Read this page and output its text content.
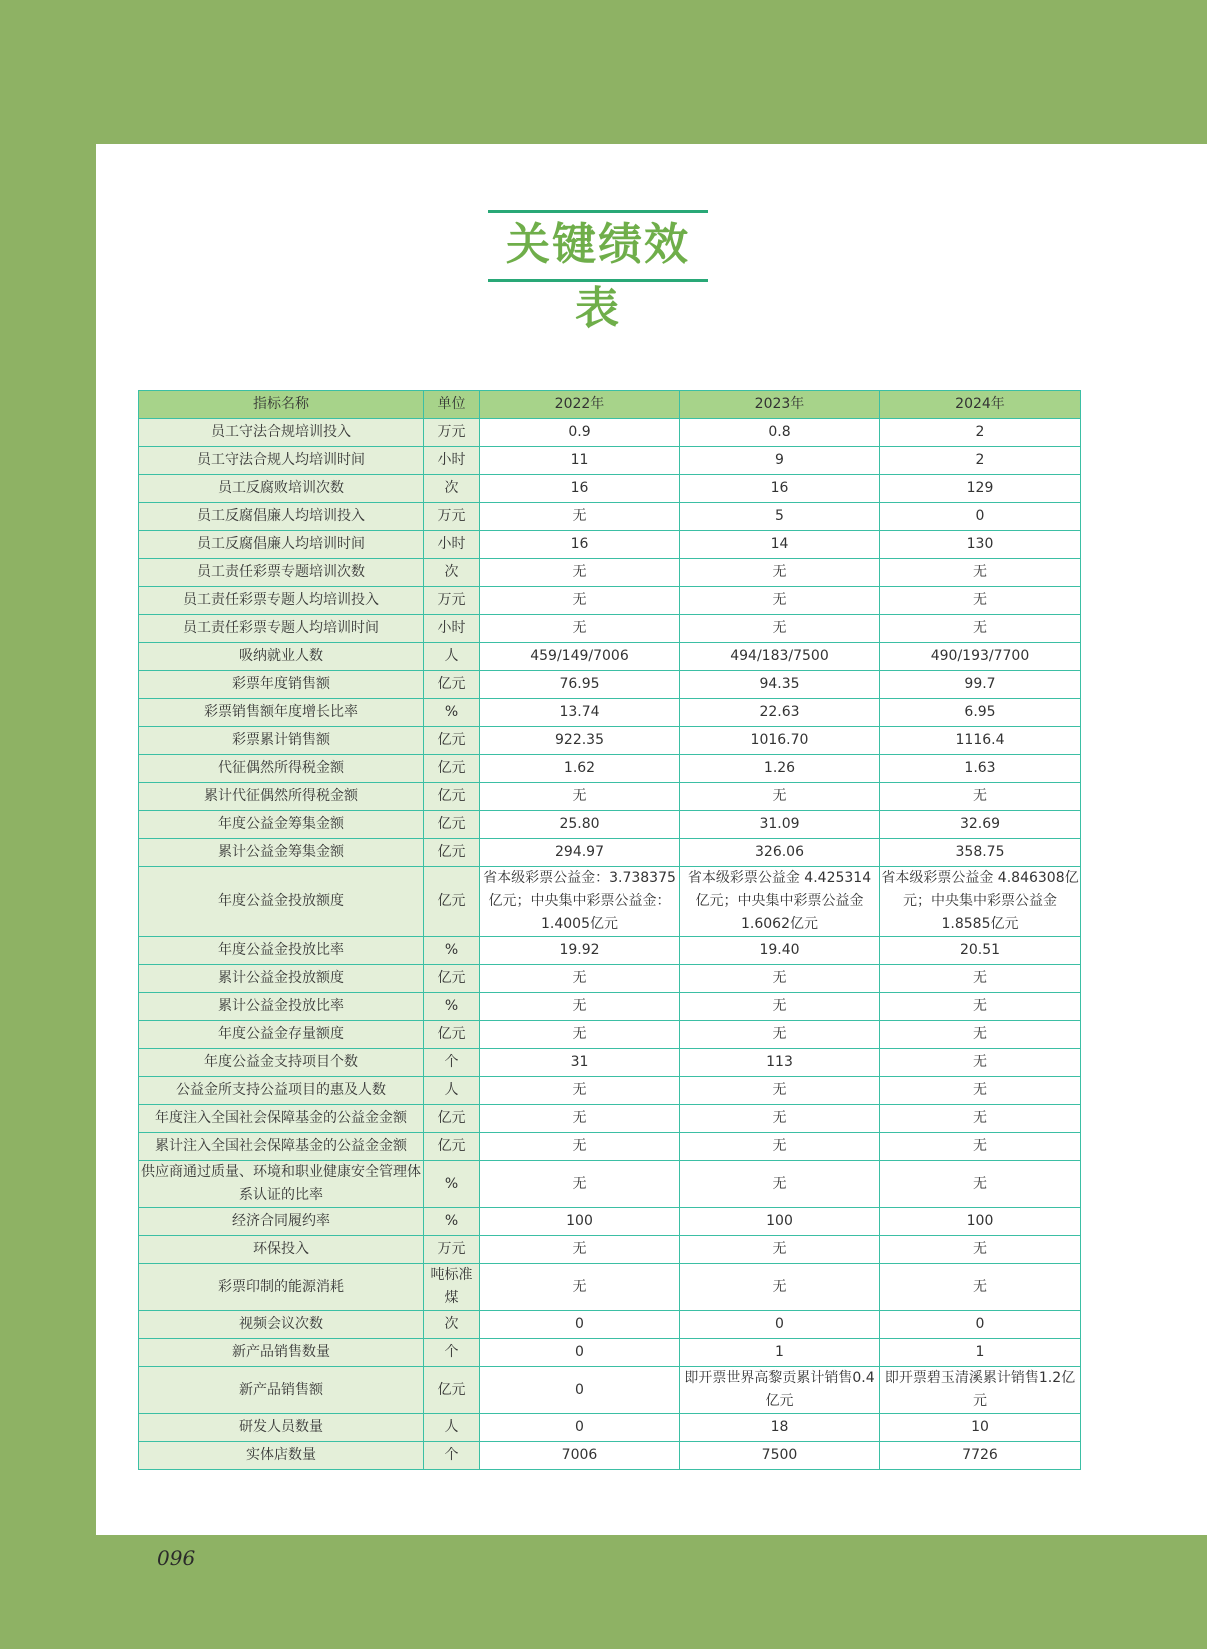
关键绩效表
指标名称	单位	2022年	2023年	2024年
员工守法合规培训投入	万元	0.9	0.8	2
员工守法合规人均培训时间	小时	11	9	2
员工反腐败培训次数	次	16	16	129
员工反腐倡廉人均培训投入	万元	无	5	0
员工反腐倡廉人均培训时间	小时	16	14	130
员工责任彩票专题培训次数	次	无	无	无
员工责任彩票专题人均培训投入	万元	无	无	无
员工责任彩票专题人均培训时间	小时	无	无	无
吸纳就业人数	人	459/149/7006	494/183/7500	490/193/7700
彩票年度销售额	亿元	76.95	94.35	99.7
彩票销售额年度增长比率	%	13.74	22.63	6.95
彩票累计销售额	亿元	922.35	1016.70	1116.4
代征偶然所得税金额	亿元	1.62	1.26	1.63
累计代征偶然所得税金额	亿元	无	无	无
年度公益金筹集金额	亿元	25.80	31.09	32.69
累计公益金筹集金额	亿元	294.97	326.06	358.75
年度公益金投放额度	亿元	省本级彩票公益金：3.738375亿元；中央集中彩票公益金：1.4005亿元	省本级彩票公益金 4.425314亿元；中央集中彩票公益金1.6062亿元	省本级彩票公益金 4.846308亿元；中央集中彩票公益金1.8585亿元
年度公益金投放比率	%	19.92	19.40	20.51
累计公益金投放额度	亿元	无	无	无
累计公益金投放比率	%	无	无	无
年度公益金存量额度	亿元	无	无	无
年度公益金支持项目个数	个	31	113	无
公益金所支持公益项目的惠及人数	人	无	无	无
年度注入全国社会保障基金的公益金金额	亿元	无	无	无
累计注入全国社会保障基金的公益金金额	亿元	无	无	无
供应商通过质量、环境和职业健康安全管理体系认证的比率	%	无	无	无
经济合同履约率	%	100	100	100
环保投入	万元	无	无	无
彩票印制的能源消耗	吨标准煤	无	无	无
视频会议次数	次	0	0	0
新产品销售数量	个	0	1	1
新产品销售额	亿元	0	即开票世界高黎贡累计销售0.4亿元	即开票碧玉清溪累计销售1.2亿元
研发人员数量	人	0	18	10
实体店数量	个	7006	7500	7726
096
